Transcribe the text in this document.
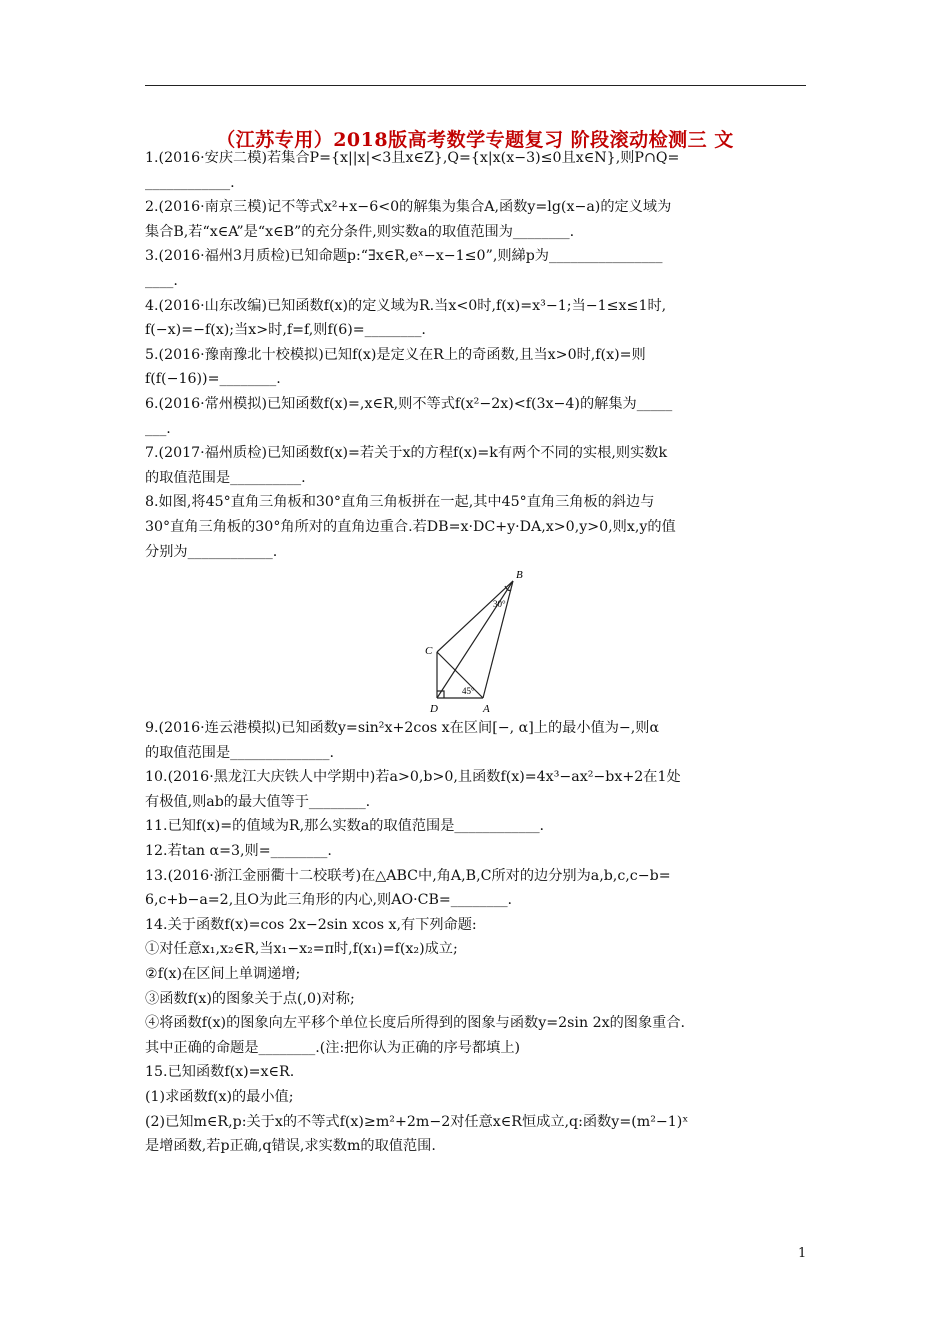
（江苏专用）2018版高考数学专题复习 阶段滚动检测三 文

1.(2016·安庆二模)若集合P={x||x|<3且x∈Z},Q={x|x(x−3)≤0且x∈N},则P∩Q=

____________.

2.(2016·南京三模)记不等式x²+x−6<0的解集为集合A,函数y=lg(x−a)的定义域为

集合B,若“x∈A”是“x∈B”的充分条件,则实数a的取值范围为________.

3.(2016·福州3月质检)已知命题p:“∃x∈R,eˣ−x−1≤0”,则綈p为________________

____.

4.(2016·山东改编)已知函数f(x)的定义域为R.当x<0时,f(x)=x³−1;当−1≤x≤1时,

f(−x)=−f(x);当x>时,f=f,则f(6)=________.

5.(2016·豫南豫北十校模拟)已知f(x)是定义在R上的奇函数,且当x>0时,f(x)=则

f(f(−16))=________.

6.(2016·常州模拟)已知函数f(x)=,x∈R,则不等式f(x²−2x)<f(3x−4)的解集为_____

___.

7.(2017·福州质检)已知函数f(x)=若关于x的方程f(x)=k有两个不同的实根,则实数k

的取值范围是__________.

8.如图,将45°直角三角板和30°直角三角板拼在一起,其中45°直角三角板的斜边与

30°直角三角板的30°角所对的直角边重合.若DB=x·DC+y·DA,x>0,y>0,则x,y的值

分别为____________.

B
C
D	A
30°
45°

9.(2016·连云港模拟)已知函数y=sin²x+2cos x在区间[−, α]上的最小值为−,则α

的取值范围是______________.

10.(2016·黑龙江大庆铁人中学期中)若a>0,b>0,且函数f(x)=4x³−ax²−bx+2在1处

有极值,则ab的最大值等于________.

11.已知f(x)=的值域为R,那么实数a的取值范围是____________.

12.若tan α=3,则=________.

13.(2016·浙江金丽衢十二校联考)在△ABC中,角A,B,C所对的边分别为a,b,c,c−b=

6,c+b−a=2,且O为此三角形的内心,则AO·CB=________.

14.关于函数f(x)=cos 2x−2sin xcos x,有下列命题:

①对任意x₁,x₂∈R,当x₁−x₂=π时,f(x₁)=f(x₂)成立;

②f(x)在区间上单调递增;

③函数f(x)的图象关于点(,0)对称;

④将函数f(x)的图象向左平移个单位长度后所得到的图象与函数y=2sin 2x的图象重合.

其中正确的命题是________.(注:把你认为正确的序号都填上)

15.已知函数f(x)=x∈R.

(1)求函数f(x)的最小值;

(2)已知m∈R,p:关于x的不等式f(x)≥m²+2m−2对任意x∈R恒成立,q:函数y=(m²−1)ˣ

是增函数,若p正确,q错误,求实数m的取值范围.

1
